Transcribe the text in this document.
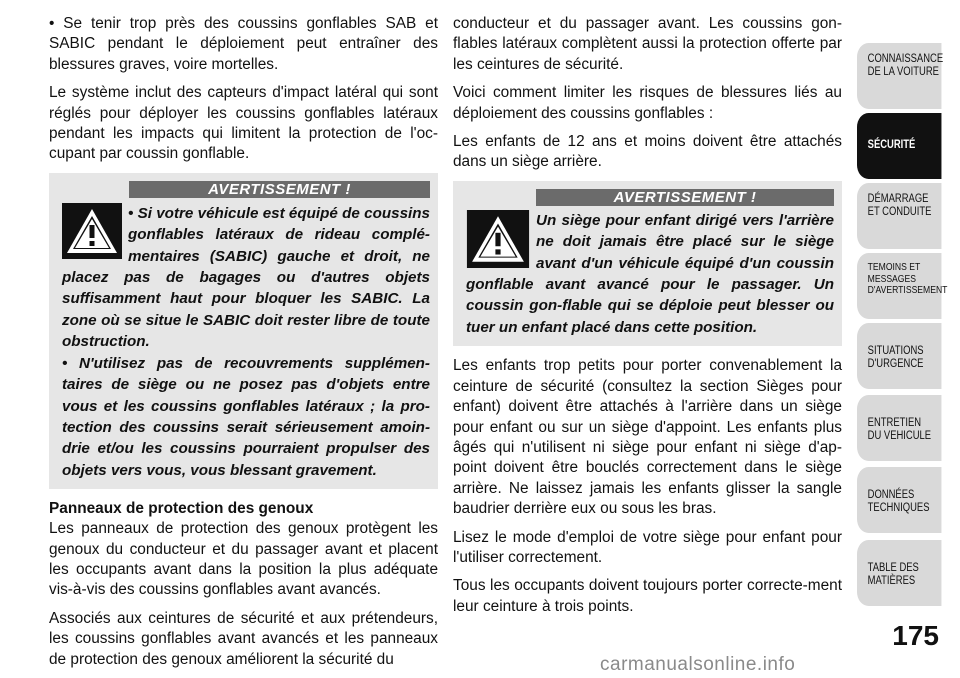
• Se tenir trop près des coussins gonflables SAB et SABIC pendant le déploiement peut entraîner des blessures graves, voire mortelles.

Le système inclut des capteurs d'impact latéral qui sont réglés pour déployer les coussins gonflables latéraux pendant les impacts qui limitent la protection de l'oc-cupant par coussin gonflable.

AVERTISSEMENT !

• Si votre véhicule est équipé de coussins gonflables latéraux de rideau complé-mentaires (SABIC) gauche et droit, ne placez pas de bagages ou d'autres objets suffisamment haut pour bloquer les SABIC. La zone où se situe le SABIC doit rester libre de toute obstruction.

• N'utilisez pas de recouvrements supplémen-taires de siège ou ne posez pas d'objets entre vous et les coussins gonflables latéraux ; la pro-tection des coussins serait sérieusement amoin-drie et/ou les coussins pourraient propulser des objets vers vous, vous blessant gravement.

Panneaux de protection des genoux

Les panneaux de protection des genoux protègent les genoux du conducteur et du passager avant et placent les occupants avant dans la position la plus adéquate vis-à-vis des coussins gonflables avant avancés.

Associés aux ceintures de sécurité et aux prétendeurs, les coussins gonflables avant avancés et les panneaux de protection des genoux améliorent la sécurité du

conducteur et du passager avant. Les coussins gon-flables latéraux complètent aussi la protection offerte par les ceintures de sécurité.

Voici comment limiter les risques de blessures liés au déploiement des coussins gonflables :

Les enfants de 12 ans et moins doivent être attachés dans un siège arrière.

AVERTISSEMENT !

Un siège pour enfant dirigé vers l'arrière ne doit jamais être placé sur le siège avant d'un véhicule équipé d'un coussin gonflable avant avancé pour le passager. Un coussin gon-flable qui se déploie peut blesser ou tuer un enfant placé dans cette position.

Les enfants trop petits pour porter convenablement la ceinture de sécurité (consultez la section Sièges pour enfant) doivent être attachés à l'arrière dans un siège pour enfant ou sur un siège d'appoint. Les enfants plus âgés qui n'utilisent ni siège pour enfant ni siège d'ap-point doivent être bouclés correctement dans le siège arrière. Ne laissez jamais les enfants glisser la sangle baudrier derrière eux ou sous les bras.

Lisez le mode d'emploi de votre siège pour enfant pour l'utiliser correctement.

Tous les occupants doivent toujours porter correcte-ment leur ceinture à trois points.

CONNAISSANCE
DE LA VOITURE
SÉCURITÉ
DÉMARRAGE
ET CONDUITE
TEMOINS ET
MESSAGES
D'AVERTISSEMENT
SITUATIONS
D'URGENCE
ENTRETIEN
DU VEHICULE
DONNÉES
TECHNIQUES
TABLE DES
MATIÈRES
175
carmanualsonline.info
